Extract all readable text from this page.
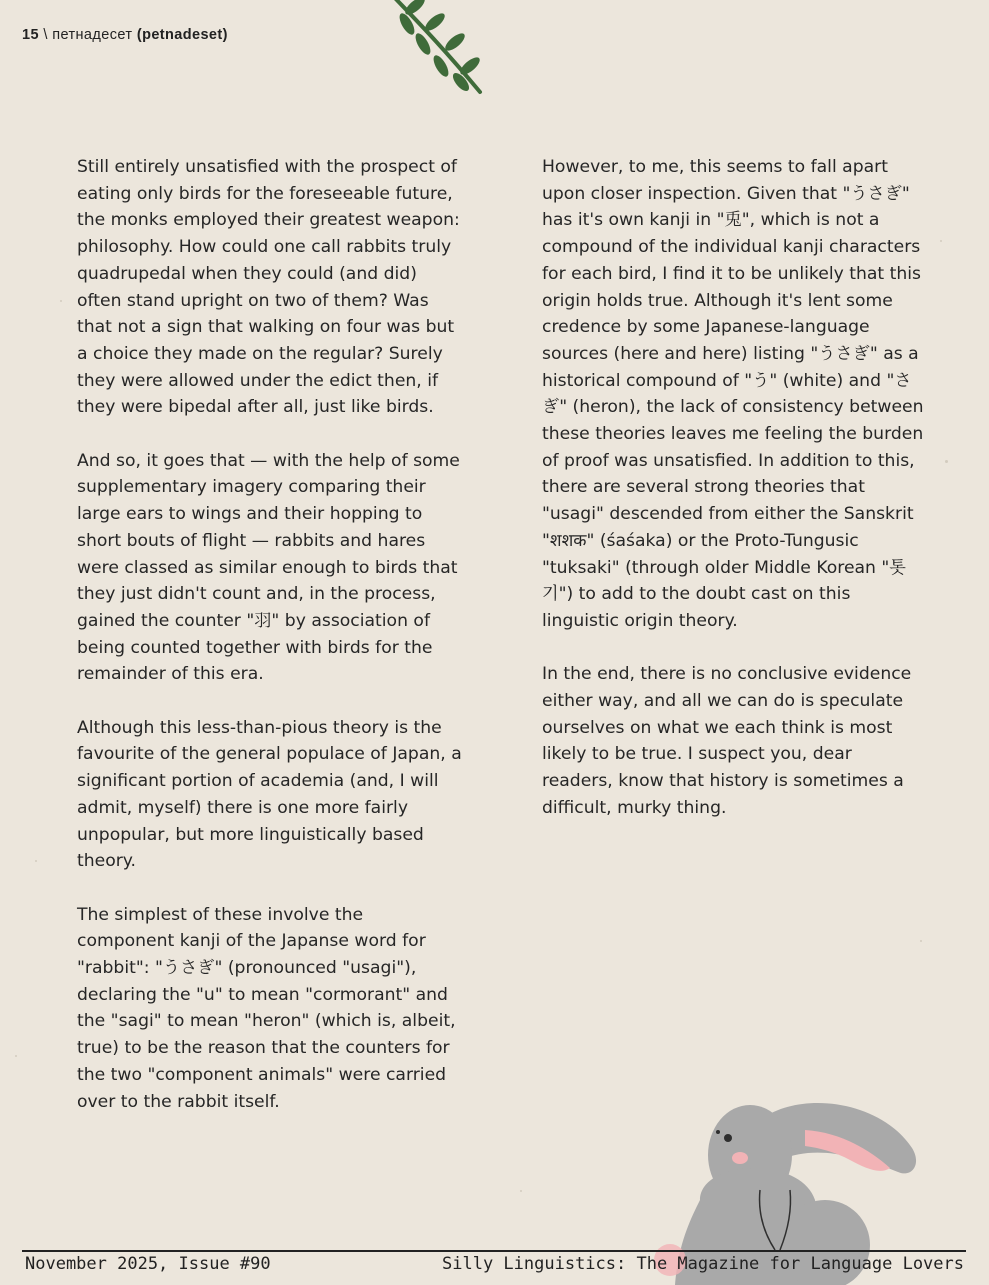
15 \ петнадесет (petnadeset)

Still entirely unsatisfied with the prospect of eating only birds for the foreseeable future, the monks employed their greatest weapon: philosophy. How could one call rabbits truly quadrupedal when they could (and did) often stand upright on two of them? Was that not a sign that walking on four was but a choice they made on the regular? Surely they were allowed under the edict then, if they were bipedal after all, just like birds.

And so, it goes that — with the help of some supplementary imagery comparing their large ears to wings and their hopping to short bouts of flight — rabbits and hares were classed as similar enough to birds that they just didn't count and, in the process, gained the counter "羽" by association of being counted together with birds for the remainder of this era.

Although this less-than-pious theory is the favourite of the general populace of Japan, a significant portion of academia (and, I will admit, myself) there is one more fairly unpopular, but more linguistically based theory.

The simplest of these involve the component kanji of the Japanse word for "rabbit": "うさぎ" (pronounced "usagi"), declaring the "u" to mean "cormorant" and the "sagi" to mean "heron" (which is, albeit, true) to be the reason that the counters for the two "component animals" were carried over to the rabbit itself.

However, to me, this seems to fall apart upon closer inspection. Given that "うさぎ" has it's own kanji in "兎", which is not a compound of the individual kanji characters for each bird, I find it to be unlikely that this origin holds true. Although it's lent some credence by some Japanese-language sources (here and here) listing "うさぎ" as a historical compound of "う" (white) and "さぎ" (heron), the lack of consistency between these theories leaves me feeling the burden of proof was unsatisfied. In addition to this, there are several strong theories that "usagi" descended from either the Sanskrit "शशक" (śaśaka) or the Proto-Tungusic "tuksaki" (through older Middle Korean "톳기") to add to the doubt cast on this linguistic origin theory.

In the end, there is no conclusive evidence either way, and all we can do is speculate ourselves on what we each think is most likely to be true. I suspect you, dear readers, know that history is sometimes a difficult, murky thing.

November 2025, Issue #90	Silly Linguistics: The Magazine for Language Lovers
